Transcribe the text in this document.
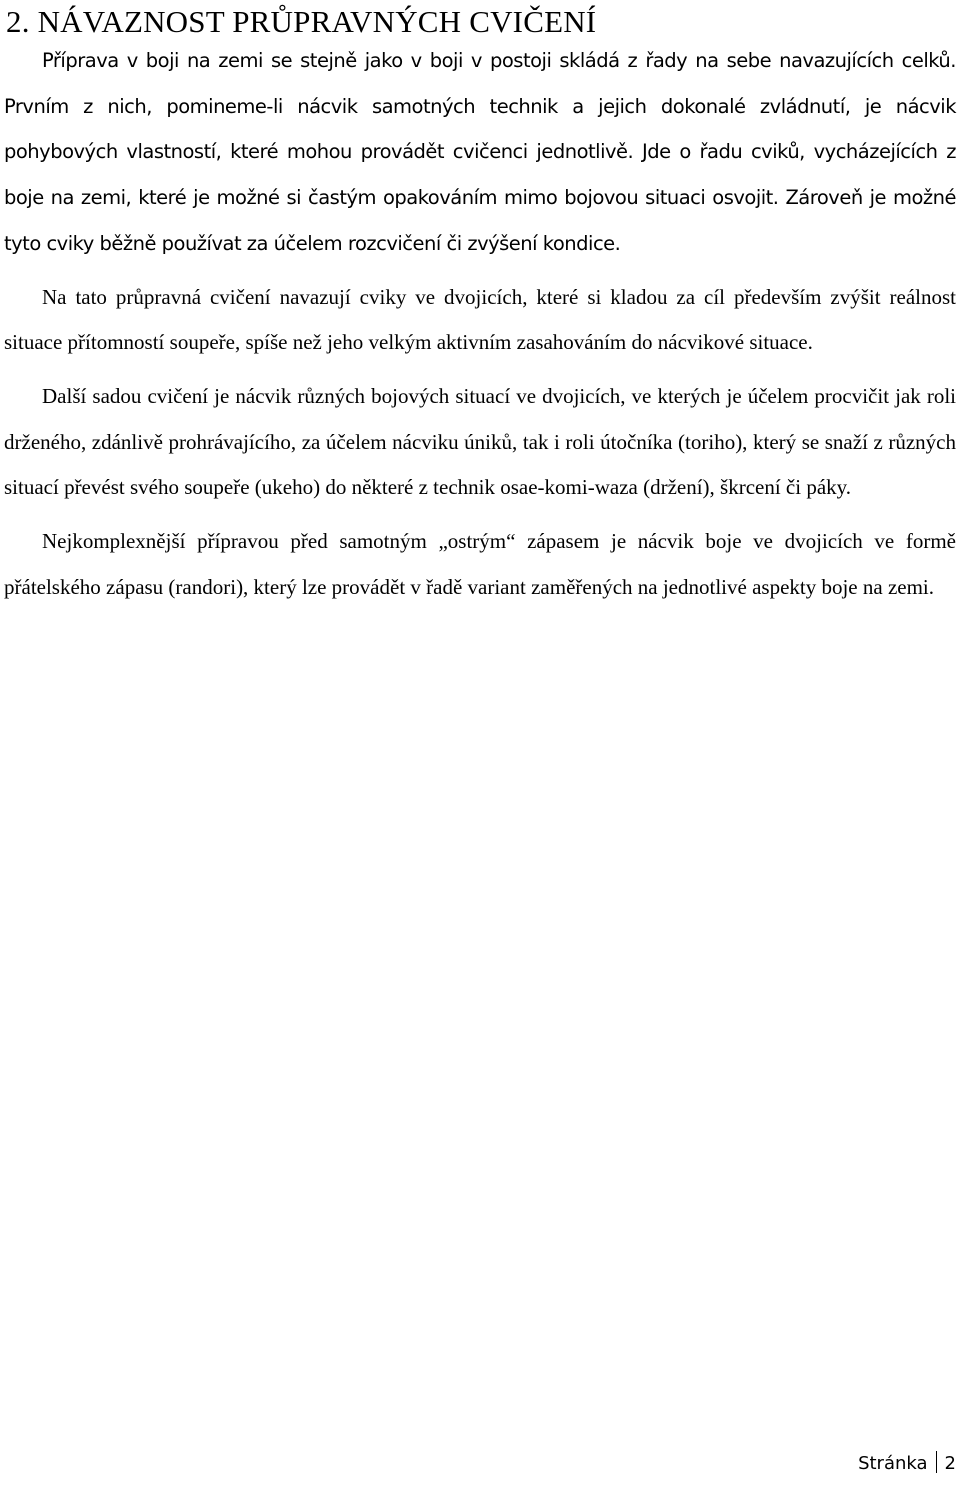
2. NÁVAZNOST PRŮPRAVNÝCH CVIČENÍ

Příprava v boji na zemi se stejně jako v boji v postoji skládá z řady na sebe navazujících celků. Prvním z nich, pomineme-li nácvik samotných technik a jejich dokonalé zvládnutí, je nácvik pohybových vlastností, které mohou provádět cvičenci jednotlivě. Jde o řadu cviků, vycházejících z boje na zemi, které je možné si častým opakováním mimo bojovou situaci osvojit. Zároveň je možné tyto cviky běžně používat za účelem rozcvičení či zvýšení kondice.

Na tato průpravná cvičení navazují cviky ve dvojicích, které si kladou za cíl především zvýšit reálnost situace přítomností soupeře, spíše než jeho velkým aktivním zasahováním do nácvikové situace.

Další sadou cvičení je nácvik různých bojových situací ve dvojicích, ve kterých je účelem procvičit jak roli drženého, zdánlivě prohrávajícího, za účelem nácviku úniků, tak i roli útočníka (toriho), který se snaží z různých situací převést svého soupeře (ukeho) do některé z technik osae-komi-waza (držení), škrcení či páky.

Nejkomplexnější přípravou před samotným „ostrým“ zápasem je nácvik boje ve dvojicích ve formě přátelského zápasu (randori), který lze provádět v řadě variant zaměřených na jednotlivé aspekty boje na zemi.

Stránka 2
